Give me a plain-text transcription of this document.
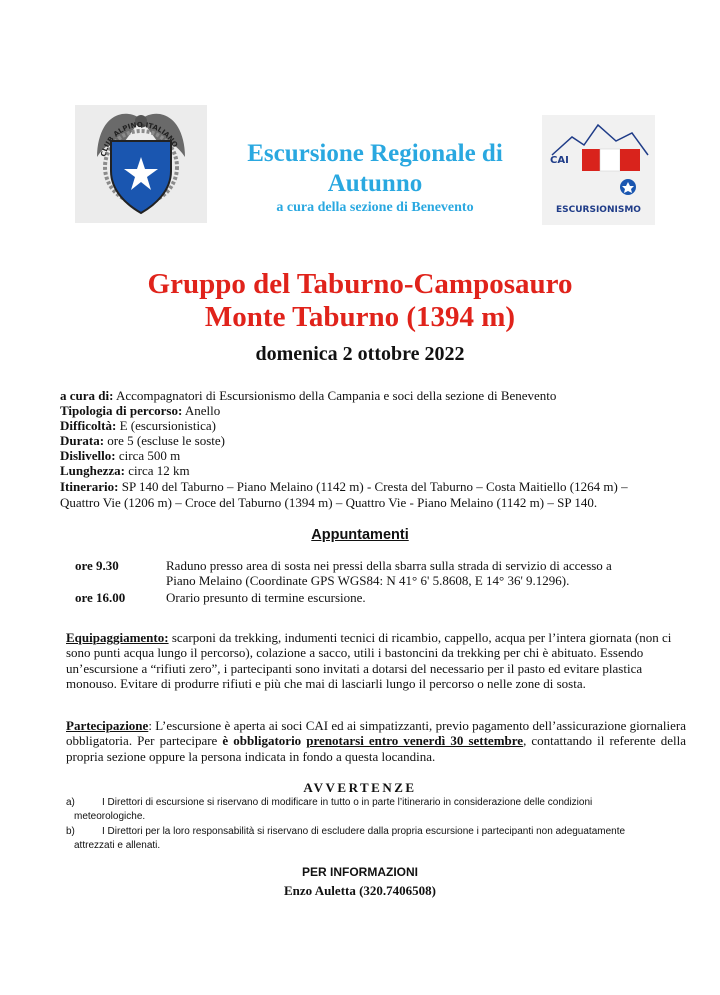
CLUB ALPINO ITALIANO	Escursione Regionale di
Autunno
a cura della sezione di Benevento
CAI
ESCURSIONISMO
Gruppo del Taburno-Camposauro
Monte Taburno (1394 m)
domenica 2 ottobre 2022
a cura di: Accompagnatori di Escursionismo della Campania e soci della sezione di Benevento
Tipologia di percorso: Anello
Difficoltà: E (escursionistica)
Durata: ore 5 (escluse le soste)
Dislivello: circa 500 m
Lunghezza: circa 12 km
Itinerario: SP 140 del Taburno – Piano Melaino (1142 m) - Cresta del Taburno – Costa Maitiello (1264 m) –
Quattro Vie (1206 m) – Croce del Taburno (1394 m) – Quattro Vie - Piano Melaino (1142 m) – SP 140.
Appuntamenti
ore 9.30	Raduno presso area di sosta nei pressi della sbarra sulla strada di servizio di accesso a
Piano Melaino (Coordinate GPS WGS84: N 41° 6' 5.8608, E 14° 36' 9.1296).
ore 16.00	Orario presunto di termine escursione.
Equipaggiamento: scarponi da trekking, indumenti tecnici di ricambio, cappello, acqua per l’intera giornata (non ci sono punti acqua lungo il percorso), colazione a sacco, utili i bastoncini da trekking per chi è abituato. Essendo un’escursione a “rifiuti zero”, i partecipanti sono invitati a dotarsi del necessario per il pasto ed evitare plastica monouso. Evitare di produrre rifiuti e più che mai di lasciarli lungo il percorso o nelle zone di sosta.
Partecipazione: L’escursione è aperta ai soci CAI ed ai simpatizzanti, previo pagamento dell’assicurazione giornaliera obbligatoria. Per partecipare è obbligatorio prenotarsi entro venerdì 30 settembre, contattando il referente della propria sezione oppure la persona indicata in fondo a questa locandina.
AVVERTENZE
a)	I Direttori di escursione si riservano di modificare in tutto o in parte l’itinerario in considerazione delle condizioni
meteorologiche.
b)	I Direttori per la loro responsabilità si riservano di escludere dalla propria escursione i partecipanti non adeguatamente
attrezzati e allenati.
PER INFORMAZIONI
Enzo Auletta (320.7406508)
